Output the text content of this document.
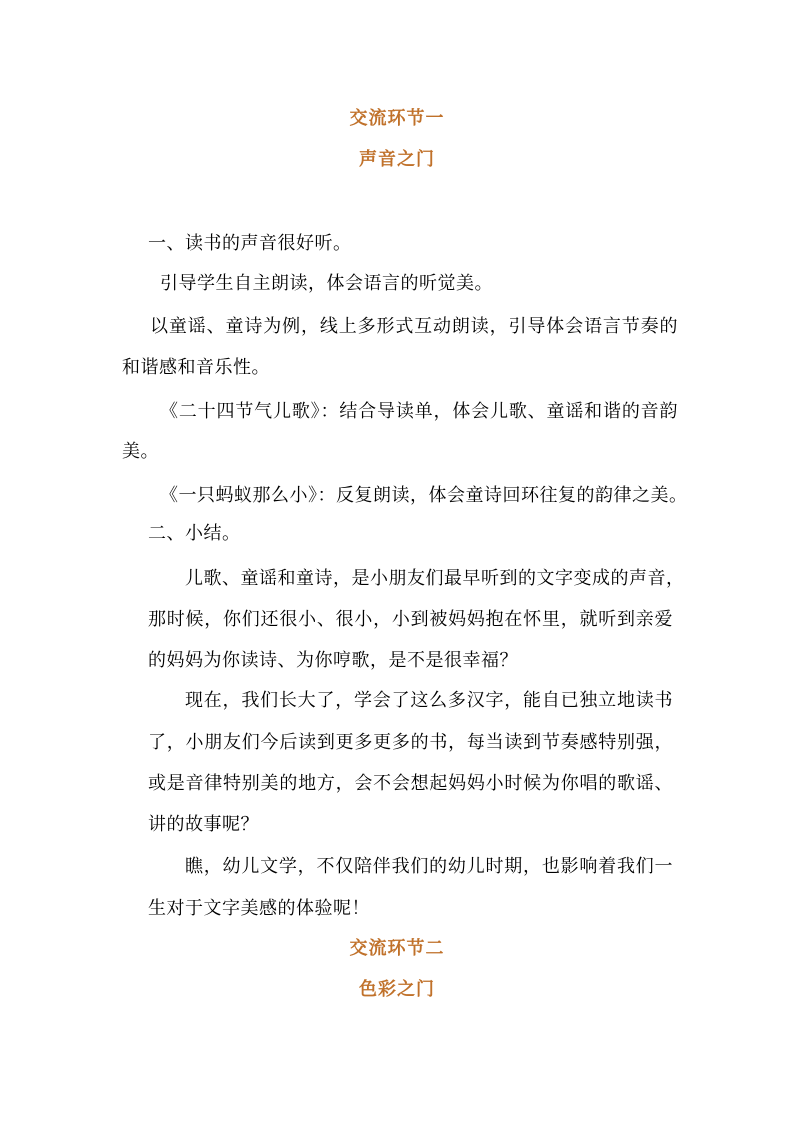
交流环节一
声音之门
一、读书的声音很好听。
引导学生自主朗读，体会语言的听觉美。
以童谣、童诗为例，线上多形式互动朗读，引导体会语言节奏的
和谐感和音乐性。
《二十四节气儿歌》：结合导读单，体会儿歌、童谣和谐的音韵
美。
《一只蚂蚁那么小》：反复朗读，体会童诗回环往复的韵律之美。
二、小结。
儿歌、童谣和童诗，是小朋友们最早听到的文字变成的声音，
那时候，你们还很小、很小，小到被妈妈抱在怀里，就听到亲爱
的妈妈为你读诗、为你哼歌，是不是很幸福？
现在，我们长大了，学会了这么多汉字，能自已独立地读书
了，小朋友们今后读到更多更多的书，每当读到节奏感特别强，
或是音律特别美的地方，会不会想起妈妈小时候为你唱的歌谣、
讲的故事呢？
瞧，幼儿文学，不仅陪伴我们的幼儿时期，也影响着我们一
生对于文字美感的体验呢！
交流环节二
色彩之门
